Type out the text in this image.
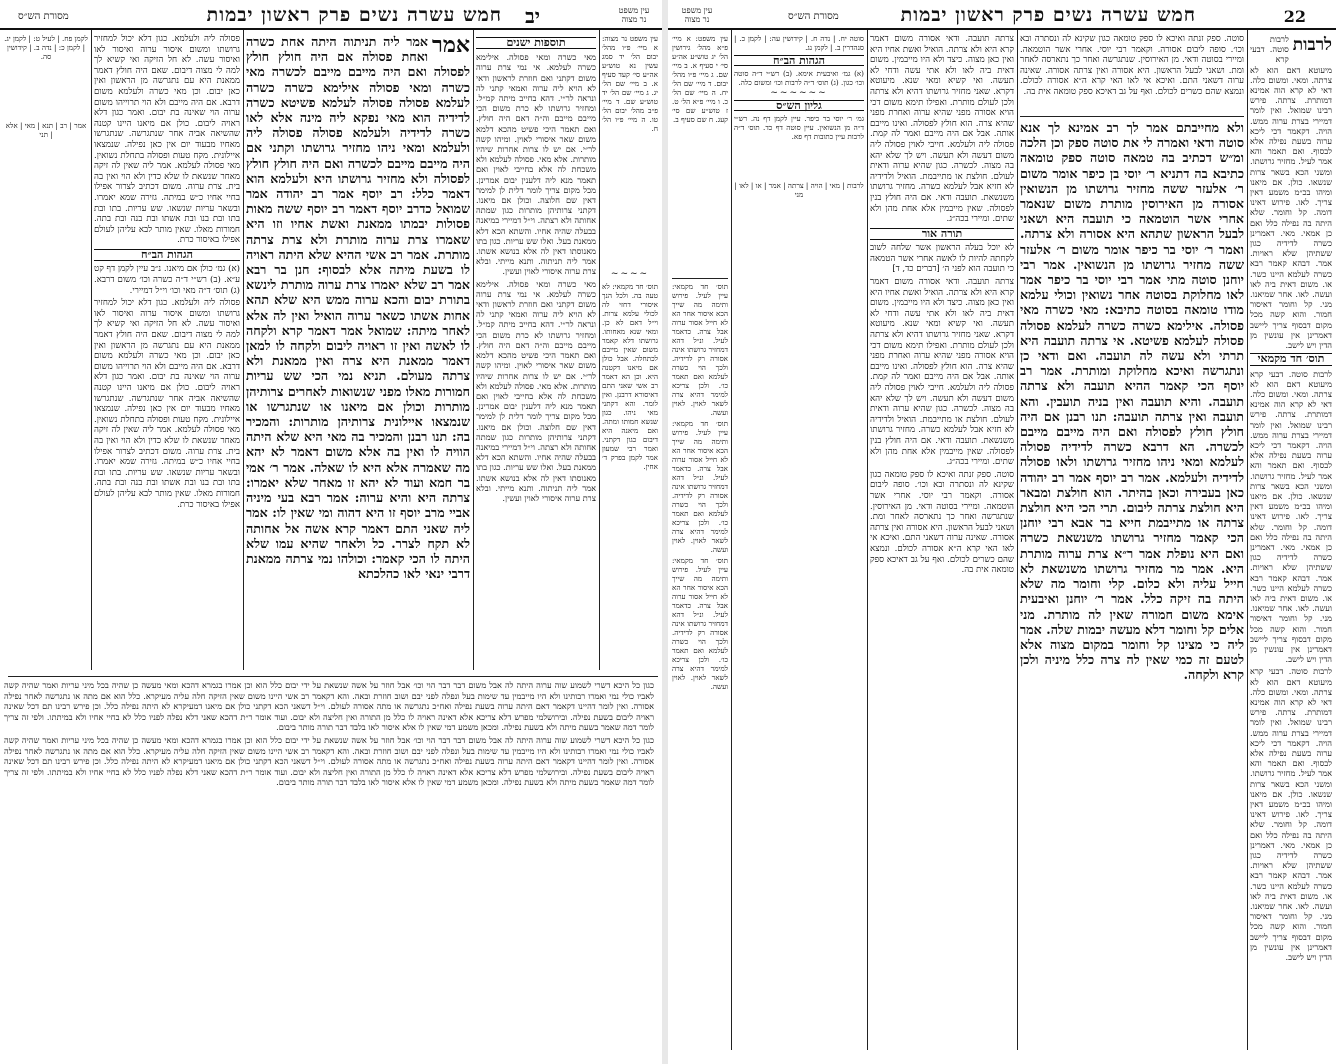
עין משפט
נר מצוה
חמש עשרה נשים פרק ראשון יבמות יב
מסורת הש״ס

עין משפט נר מצוה: א מיי׳ פ״ו מהל׳ יבום הל׳ יד סמג עשין נא טוש״ע אה״ע סי׳ קעד סעיף א. ב מיי׳ שם הל׳ יג. ג מיי׳ שם הל׳ יד טוש״ע שם. ד מיי׳ פ״ב מהל׳ יבום הל׳ טו. ה מיי׳ פ״ו הל׳ ח.

~~~~

תוס׳ חד מקמאי: לא טעה בה. ולכל הנך איסורי דחזי לה לכולי עלמא צרות. וי״ל דאם לא כן. ומאי שנא מאחותו. גרושתו דלא קאמר משום שאין מייבם לכתחלה. אבל כולן אם מיאנו דקטנה היא. וכן הא דאמר רב אשי שאני התם דאיסורא דרבנן. ואין לומר. והא דקתני מאי ניהו. כגון שנשא חמותו ומתה. ואם מיאנה היא דיבום כגון דקתני. ואמר רבי שמעון אמר לקמן בפרק ד׳ אחין.

תוספות ישנים

מאי כשרה ומאי פסולה. אילימא כשרה לעלמא. אי נמי צרת ערוה משום דקתני ואם חוזרת לראשון ודאי לא הויא ליה ערוה ואמאי קתני לה ונראה לר״י. דהא בחייב מיתה קמ״ל. ומחזיר גרושתו לא כרת משום הכי מייבם מייבם וה״ה דאם היה חולץ. ואם תאמר היכי פשיט מהכא דלמא משום שאר איסורי לאוין. ומיהו קשה לר״י. אם יש לו צרות אחרות שיהיו מותרות. אלא מאי. פסולה לעלמא ולא משכחת לה אלא בחייבי לאוין ואם תאמר מנא ליה דלענין יבום אמרינן. מכל מקום צריך לומר דלית לן למימר דאין שם חלוצה. וכולן אם מיאנו. דקתני צרותיהן מותרות כגון שמתה אחותה ולא רצתה. וי״ל דמיירי במיאנה בבעלה שהיה אחיו. והשתא הכא דלא ממאנת בעל. ואלו שש עריות. כגון בתו מאנוסתו דאין לה אלא בנושא אשתו. אמר ליה תניתוה. ותנא מייתי. ובלא צרת ערוה איסורי לאוין ועשין.

מאי כשרה ומאי פסולה. אילימא כשרה לעלמא. אי נמי צרת ערוה משום דקתני ואם חוזרת לראשון ודאי לא הויא ליה ערוה ואמאי קתני לה ונראה לר״י. דהא בחייב מיתה קמ״ל. ומחזיר גרושתו לא כרת משום הכי מייבם מייבם וה״ה דאם היה חולץ. ואם תאמר היכי פשיט מהכא דלמא משום שאר איסורי לאוין. ומיהו קשה לר״י. אם יש לו צרות אחרות שיהיו מותרות. אלא מאי. פסולה לעלמא ולא משכחת לה אלא בחייבי לאוין ואם תאמר מנא ליה דלענין יבום אמרינן. מכל מקום צריך לומר דלית לן למימר דאין שם חלוצה. וכולן אם מיאנו. דקתני צרותיהן מותרות כגון שמתה אחותה ולא רצתה. וי״ל דמיירי במיאנה בבעלה שהיה אחיו. והשתא הכא דלא ממאנת בעל. ואלו שש עריות. כגון בתו מאנוסתו דאין לה אלא בנושא אשתו. אמר ליה תניתוה. ותנא מייתי. ובלא צרת ערוה איסורי לאוין ועשין.

אמר

אמר ליה תניתוה היתה אחת כשרה ואחת פסולה אם היה חולץ חולץ לפסולה ואם היה מייבם מייבם לכשרה מאי כשרה ומאי פסולה אילימא כשרה כשרה לעלמא פסולה פסולה לעלמא פשיטא כשרה לדידיה הוא מאי נפקא ליה מינה אלא לאו כשרה לדידיה ולעלמא פסולה פסולה ליה ולעלמא ומאי ניהו מחזיר גרושתו וקתני אם היה מייבם מייבם לכשרה ואם היה חולץ חולץ לפסולה ולא מחזיר גרושתו היא ולעלמא הוא דאמר כלל: רב יוסף אמר רב יהודה אמר שמואל כדרב יוסף דאמר רב יוסף ששה מאות פסולות יבמתו ממאנת ואשת אחיו וזו היא שאמרו צרת ערוה מותרת ולא צרת צרתה מותרת. אמר רב אשי ההיא שלא היתה ראויה לו בשעת מיתה אלא לבסוף: חנן בר רבא אמר רב שלא יאמרו צרת ערוה מותרת לינשא בתורת יבום והכא ערוה ממש היא שלא תהא אחות אשתו כשאר ערוה הואיל ואין לה אלא לאחר מיתה: שמואל אמר דאמר קרא ולקחה לו לאשה ואין זו ראויה ליבום ולקחה לו למאן דאמר ממאנת היא צרה ואין ממאנת ולא צרתה מעולם. תניא נמי הכי שש עריות חמורות מאלו מפני שנשואות לאחרים צרותיהן מותרות וכולן אם מיאנו או שנתגרשו או שנמצאו איילונית צרותיהן מותרות: והמכיר בה: תנו רבנן והמכיר בה מאי היא שלא היתה הוויה לו ואין בה אלא משום דאמר לא יהא מה שאמרה אלא היא לו שאלה. אמר ר׳ אמי בר חמא ועוד לא יהא זו מאחר שלא יאמרו: צרתה היא והיא ערוה: אמר רבא בעי מיניה אביי מרב יוסף זו היא דהוה ומי שאין לו: אמר ליה שאני התם דאמר קרא אשה אל אחותה לא תקח לצרר. כל ולאחר שהיא עמו שלא היתה לו הכי קאמר: וכולהו נמי צרתה ממאנת דרבי ינאי לאו כהלכתא

פסולה ליה ולעלמא. כגון דלא יכול למחזיר גרושתו ומשום איסור ערוה ואיסור לאו ואיסור עשה. לא חל הזיקה ואי קשיא לך למה לי מצוה דיבום. שאם היה חולץ דאמר ממאנת היא עם נתגרשה מן הראשון ואין כאן יבום. וכן מאי כשרה ולעלמא משום דרבא. אם היה מייבם ולא הוי תרוייהו משום ערוה הוי שאינה בת יבום. ואמר כגון דלא ראויה ליבום. כולן אם מיאנו היינו קטנה שהשיאה אביה אחר שנתגרשה. שנתגרשו מאחיו מבעוד יום אין כאן נפילה. שנמצאו איילונית. מקח טעות ופסולה בתחלת נשואין. מאי פסולה לעלמא. אמר ליה שאין לה זיקה מאחר שנשאת לו שלא כדין ולא הוי ואין בה בית. צרת ערוה. משום דכתיב לצרור אפילו בחיי אחיו כ״ש במיתה. גזירה שמא יאמרו. ובשאר עריות שנשאו. שש עריות. בתו ובת בתו ובת בנו ובת אשתו ובת בנה ובת בתה. חמורות מאלו. שאין מותר לבא עליהן לעולם אפילו באיסור כרת.

הגהות הב״ח

(א) גמ׳ כולן אם מיאנו. נ״ב עיין לקמן דף קט ע״א. (ב) רש״י ד״ה כשרה וכו׳ משום דרבא. (ג) תוס׳ ד״ה מאי וכו׳ וי״ל דמיירי.

פסולה ליה ולעלמא. כגון דלא יכול למחזיר גרושתו ומשום איסור ערוה ואיסור לאו ואיסור עשה. לא חל הזיקה ואי קשיא לך למה לי מצוה דיבום. שאם היה חולץ דאמר ממאנת היא עם נתגרשה מן הראשון ואין כאן יבום. וכן מאי כשרה ולעלמא משום דרבא. אם היה מייבם ולא הוי תרוייהו משום ערוה הוי שאינה בת יבום. ואמר כגון דלא ראויה ליבום. כולן אם מיאנו היינו קטנה שהשיאה אביה אחר שנתגרשה. שנתגרשו מאחיו מבעוד יום אין כאן נפילה. שנמצאו איילונית. מקח טעות ופסולה בתחלת נשואין. מאי פסולה לעלמא. אמר ליה שאין לה זיקה מאחר שנשאת לו שלא כדין ולא הוי ואין בה בית. צרת ערוה. משום דכתיב לצרור אפילו בחיי אחיו כ״ש במיתה. גזירה שמא יאמרו. ובשאר עריות שנשאו. שש עריות. בתו ובת בתו ובת בנו ובת אשתו ובת בנה ובת בתה. חמורות מאלו. שאין מותר לבא עליהן לעולם אפילו באיסור כרת.

לקמן פח. | לעיל ט: | לקמן יג. | לקמן כ: | נדה ב. | קידושין סה.

אמר | רב | תנא | מאי | אלא | תני

כגון כל היכא דשרי לשמוע שוה ערוה היתה לה אבל משום דבר דבר הוי וכו׳ אבל חוזר על אשה שנשאת על ידי יבום כלל הוא וכן אמרו בגמרא דהכא ומאי מעשה כן שהיה בכל מיני עריות ואמר שהיה קשה לאביו כולי נמי ואמרו רבותינו ולא היו מייבמין עד שימות בעל ונפלה לפני יבם ושוב חוזרת ובאה. והא דקאמר רב אשי היינו משום שאין הזיקה חלה עליה מעיקרא. כלל הוא אם מתה או נתגרשה לאחר נפילה אסורה. ואין לומר דהיינו דקאמר דאם היתה ערוה בשעת נפילה ואח״כ נתגרשה או מתה אסורה לעולם. וי״ל דשאני הכא דקתני כולן אם מיאנו דמעיקרא לא היתה נפילה כלל. וכן פירש רבינו תם דכל שאינה ראויה ליבום בשעת נפילה. ובירושלמי מפרש דלא צריכא אלא דאינה ראויה לו כלל מן התורה ואין חליצה ולא יבום. ועוד אומר ר״ת דהכא שאני דלא נפלה לפניו כלל לא בחיי אחיו ולא במיתתו. ולפי זה צריך לומר דמה שאמר בשעת מיתה ולא בשעת נפילה. ומכאן משמע דמי שאין לו אלא איסור לאו בלבד דבר תורה מותר ביבום.

כגון כל היכא דשרי לשמוע שוה ערוה היתה לה אבל משום דבר דבר הוי וכו׳ אבל חוזר על אשה שנשאת על ידי יבום כלל הוא וכן אמרו בגמרא דהכא ומאי מעשה כן שהיה בכל מיני עריות ואמר שהיה קשה לאביו כולי נמי ואמרו רבותינו ולא היו מייבמין עד שימות בעל ונפלה לפני יבם ושוב חוזרת ובאה. והא דקאמר רב אשי היינו משום שאין הזיקה חלה עליה מעיקרא. כלל הוא אם מתה או נתגרשה לאחר נפילה אסורה. ואין לומר דהיינו דקאמר דאם היתה ערוה בשעת נפילה ואח״כ נתגרשה או מתה אסורה לעולם. וי״ל דשאני הכא דקתני כולן אם מיאנו דמעיקרא לא היתה נפילה כלל. וכן פירש רבינו תם דכל שאינה ראויה ליבום בשעת נפילה. ובירושלמי מפרש דלא צריכא אלא דאינה ראויה לו כלל מן התורה ואין חליצה ולא יבום. ועוד אומר ר״ת דהכא שאני דלא נפלה לפניו כלל לא בחיי אחיו ולא במיתתו. ולפי זה צריך לומר דמה שאמר בשעת מיתה ולא בשעת נפילה. ומכאן משמע דמי שאין לו אלא איסור לאו בלבד דבר תורה מותר ביבום.

22
חמש עשרה נשים פרק ראשון יבמות
מסורת הש״ס
עין משפט
נר מצוה
לרבות

לרבות סוטה. דבעי קרא מיעוטא דאם הוא לא צרתה. ומאי. ומשום כלה. דאי לא קרא הוה אמינא דמותרת. צרתה. פירש רבינו שמואל. ואין לומר דמיירי בצרת ערוה ממש. הויה. דקאמר דכי ליכא ערוה בשעת נפילה אלא לבסוף. ואם תאמר והא אמר לעיל. מחזיר גרושתו. ומשני הכא בשאר צרות שנשאו. כולן. אם מיאנו ומיהו בכ״מ משמע דאין צריך. לאו. פירוש דאינו דומה. קל וחומר. שלא היתה בה נפילה כלל ואם כן אמאי. מאי. דאמרינן כשרה לדידיה כגון ששתיהן שלא ראויות. אמר. דבהא קאמר רבא כשרה לעלמא היינו כשר. או. משום דאית ביה לאו ועשה. לאו. אחר שמיאנו. מני. קל וחומר דאיסור חמור. והוא קשה מכל מקום דבסוף צריך ליישב דאמרינן אין עונשין מן הדין ויש לישב.

תוס׳ חד מקמאי

לרבות סוטה. דבעי קרא מיעוטא דאם הוא לא צרתה. ומאי. ומשום כלה. דאי לא קרא הוה אמינא דמותרת. צרתה. פירש רבינו שמואל. ואין לומר דמיירי בצרת ערוה ממש. הויה. דקאמר דכי ליכא ערוה בשעת נפילה אלא לבסוף. ואם תאמר והא אמר לעיל. מחזיר גרושתו. ומשני הכא בשאר צרות שנשאו. כולן. אם מיאנו ומיהו בכ״מ משמע דאין צריך. לאו. פירוש דאינו דומה. קל וחומר. שלא היתה בה נפילה כלל ואם כן אמאי. מאי. דאמרינן כשרה לדידיה כגון ששתיהן שלא ראויות. אמר. דבהא קאמר רבא כשרה לעלמא היינו כשר. או. משום דאית ביה לאו ועשה. לאו. אחר שמיאנו. מני. קל וחומר דאיסור חמור. והוא קשה מכל מקום דבסוף צריך ליישב דאמרינן אין עונשין מן הדין ויש לישב.

לרבות סוטה. דבעי קרא מיעוטא דאם הוא לא צרתה. ומאי. ומשום כלה. דאי לא קרא הוה אמינא דמותרת. צרתה. פירש רבינו שמואל. ואין לומר דמיירי בצרת ערוה ממש. הויה. דקאמר דכי ליכא ערוה בשעת נפילה אלא לבסוף. ואם תאמר והא אמר לעיל. מחזיר גרושתו. ומשני הכא בשאר צרות שנשאו. כולן. אם מיאנו ומיהו בכ״מ משמע דאין צריך. לאו. פירוש דאינו דומה. קל וחומר. שלא היתה בה נפילה כלל ואם כן אמאי. מאי. דאמרינן כשרה לדידיה כגון ששתיהן שלא ראויות. אמר. דבהא קאמר רבא כשרה לעלמא היינו כשר. או. משום דאית ביה לאו ועשה. לאו. אחר שמיאנו. מני. קל וחומר דאיסור חמור. והוא קשה מכל מקום דבסוף צריך ליישב דאמרינן אין עונשין מן הדין ויש לישב.

סוטה. ספק זנתה ואיכא לו ספק טומאה כגון שקינא לה ונסתרה ובא וכו׳. סופה ליבום אסורה. וקאמר רבי יוסי. אחרי אשר הוטמאה. ומיירי בסוטה ודאי. מן האירוסין. שנתגרשה ואחר כך נתארסה לאחר ומת. ושאני לבעל הראשון. היא אסורה ואין צרתה אסורה. שאינה ערוה דשאני התם. ואיכא אי לאו האי קרא ה״א אסורה לכולם. ונמצא שהם כשרים לכולם. ואף על גב דאיכא ספק טומאה אית בה.

ולא מחייבתם אמר לך רב אמינא לך אנא סוטה ודאי ואמרה לי את סוטה ספק וכן הלכה ומ״ש דכתיב בה טמאה סוטה ספק טומאה כתיבא בה דתניא ר׳ יוסי בן כיפר אומר משום ר׳ אלעזר ששה מחזיר גרושתו מן הנשואין אסורה מן האירוסין מותרת משום שנאמר אחרי אשר הוטמאה כי תועבה היא ושאני לבעל הראשון שתהא היא אסורה ולא צרתה. ואמר ר׳ יוסי בר כיפר אומר משום ר׳ אלעזר ששה מחזיר גרושתו מן הנשואין. אמר רבי יוחנן סוטה מתי אמר רבי יוסי בר כיפר אמר לאו מחלוקת בסוטה אחר נשואין וכולי עלמא מודו טומאה בסוטה כתיבא: מאי כשרה מאי פסולה. אילימא כשרה כשרה לעלמא פסולה פסולה לעלמא פשיטא. אי צרתה תועבה היא תרתי ולא עשה לה תועבה. ואם ודאי כן ונתגרשה ואיכא מחלוקת ומותרת. אמר רב יוסף הכי קאמר ההיא תועבה ולא צרתה תועבה. והיא תועבה ואין בניה תועבין. והא תועבה ואין צרתה תועבה: תנו רבנן אם היה חולץ חולץ לפסולה ואם היה מייבם מייבם לכשרה. הא דרבא כשרה לדידיה פסולה לעלמא ומאי ניהו מחזיר גרושתו ולאו פסולה לדידיה ולעלמא. אמר רב יוסף אמר רב יהודה כאן בעבירה וכאן בהיתר. הוא חולצת ומבאר היא חולצת צרתה ליבום. תרי הכי היא חולצת צרתה או מתייבמת חייא בר אבא רבי יוחנן הכי קאמר מחזיר גרושתו משנשאת כשרה ואם היא נופלת אמר ר״א צרת ערוה מותרת היא. אמר מר מחזיר גרושתו משנשאת לא חייל עליה ולא כלום. קלי וחומר מה שלא היתה בה זיקה כלל. אמר ר׳ יוחנן ואיבעית אימא משום חמורה שאין לה מותרת. מני אלים קל וחומר דלא מעשה יבמות שלה. אמר ליה כי מצינו קל וחומר במקום מצוה אלא לטעם זה כמי שאין לה צרה כלל מיניה ולכן קרא ולקחה.

צרתה תועבה. ודאי אסורה משום דאמר קרא היא ולא צרתה. הואיל ואשת אחיו היא ואין כאן מצוה. כיצד ולא היו מייבמין. משום דאית ביה לאו ולא אתי עשה ודחי לא תעשה. ואי קשיא ומאי שנא. מיעוטא דקרא. שאני מחזיר גרושתו דהיא ולא צרתה ולכן לעולם מותרת. ואפילו תימא משום דכי הויא אסורה מפני שהיא ערוה ואחרת מפני שהיא צרה. הוא חולץ לפסולה. ואינו מייבם אותה. אבל אם היה מייבם ואמר לה קמת. פסולה ליה ולעלמא. חייבי לאוין פסולה ליה משום דעשה ולא תעשה. ויש לך שלא יהא בה מצוה. לכשרה. כגון שהיא ערוה ודאית לעולם. חולצת או מתייבמת. הואיל ולדידיה לא חזיא אבל לעלמא כשרה. מחזיר גרושתו משנשאת. תועבה ודאי. אם היה חולץ בנין לפסולה. שאין מייבמין אלא אחת מהן ולא שתים. ומיירי בכה״ג.

תורה אור

לא יוכל בעלה הראשון אשר שלחה לשוב לקחתה להיות לו לאשה אחרי אשר הטמאה כי תועבה הוא לפני ה׳ [דברים כד, ד]

צרתה תועבה. ודאי אסורה משום דאמר קרא היא ולא צרתה. הואיל ואשת אחיו היא ואין כאן מצוה. כיצד ולא היו מייבמין. משום דאית ביה לאו ולא אתי עשה ודחי לא תעשה. ואי קשיא ומאי שנא. מיעוטא דקרא. שאני מחזיר גרושתו דהיא ולא צרתה ולכן לעולם מותרת. ואפילו תימא משום דכי הויא אסורה מפני שהיא ערוה ואחרת מפני שהיא צרה. הוא חולץ לפסולה. ואינו מייבם אותה. אבל אם היה מייבם ואמר לה קמת. פסולה ליה ולעלמא. חייבי לאוין פסולה ליה משום דעשה ולא תעשה. ויש לך שלא יהא בה מצוה. לכשרה. כגון שהיא ערוה ודאית לעולם. חולצת או מתייבמת. הואיל ולדידיה לא חזיא אבל לעלמא כשרה. מחזיר גרושתו משנשאת. תועבה ודאי. אם היה חולץ בנין לפסולה. שאין מייבמין אלא אחת מהן ולא שתים. ומיירי בכה״ג.

סוטה. ספק זנתה ואיכא לו ספק טומאה כגון שקינא לה ונסתרה ובא וכו׳. סופה ליבום אסורה. וקאמר רבי יוסי. אחרי אשר הוטמאה. ומיירי בסוטה ודאי. מן האירוסין. שנתגרשה ואחר כך נתארסה לאחר ומת. ושאני לבעל הראשון. היא אסורה ואין צרתה אסורה. שאינה ערוה דשאני התם. ואיכא אי לאו האי קרא ה״א אסורה לכולם. ונמצא שהם כשרים לכולם. ואף על גב דאיכא ספק טומאה אית בה.

סוטה יח. | נדה ח. | קידושין עה: | לקמן כ. | סנהדרין ב. | לקמן נג.

הגהות הב״ח

(א) גמ׳ ואיבעית אימא. (ב) רש״י ד״ה סוטה וכו׳ כגון. (ג) תוס׳ ד״ה לרבות וכו׳ ומשום כלה.

~~~~~~
גליון הש״ס

גמ׳ ר׳ יוסי בר כיפר. עיין לקמן דף נה. רש״י ד״ה מן הנשואין. עיין סוטה דף כד. תוס׳ ד״ה לרבות עיין כתובות דף פא.

לרבות | מאי | הויה | צרתה | אמר | או | לאו | מני

עין משפט: א מיי׳ פ״א מהל׳ גירושין הל׳ יג טוש״ע אה״ע סי׳ י סעיף א. ב מיי׳ שם. ג מיי׳ פ״ו מהל׳ יבום. ד מיי׳ שם הל׳ יח. ה מיי׳ שם הל׳ כ. ו מיי׳ פ״א הל׳ ט. ז טוש״ע שם סי׳ קעג. ח שם סעיף ב.

תוס׳ חד מקמאי: עיין לעיל. פירוש ותימה מה שייך הכא איסור אחר הא לא חייל אסור ערוה אבל צרה. כדאמר לעיל. ונ״ל דהא דמחזיר גרושתו אינה אסורה רק לדידיה. ולכך הוי כשרה לעלמא ואם תאמר כו׳. ולכן צריכא למימר דהיא צרה לשאר לאוין. לאוין ועשה.

תוס׳ חד מקמאי: עיין לעיל. פירוש ותימה מה שייך הכא איסור אחר הא לא חייל אסור ערוה אבל צרה. כדאמר לעיל. ונ״ל דהא דמחזיר גרושתו אינה אסורה רק לדידיה. ולכך הוי כשרה לעלמא ואם תאמר כו׳. ולכן צריכא למימר דהיא צרה לשאר לאוין. לאוין ועשה.

תוס׳ חד מקמאי: עיין לעיל. פירוש ותימה מה שייך הכא איסור אחר הא לא חייל אסור ערוה אבל צרה. כדאמר לעיל. ונ״ל דהא דמחזיר גרושתו אינה אסורה רק לדידיה. ולכך הוי כשרה לעלמא ואם תאמר כו׳. ולכן צריכא למימר דהיא צרה לשאר לאוין. לאוין ועשה.
